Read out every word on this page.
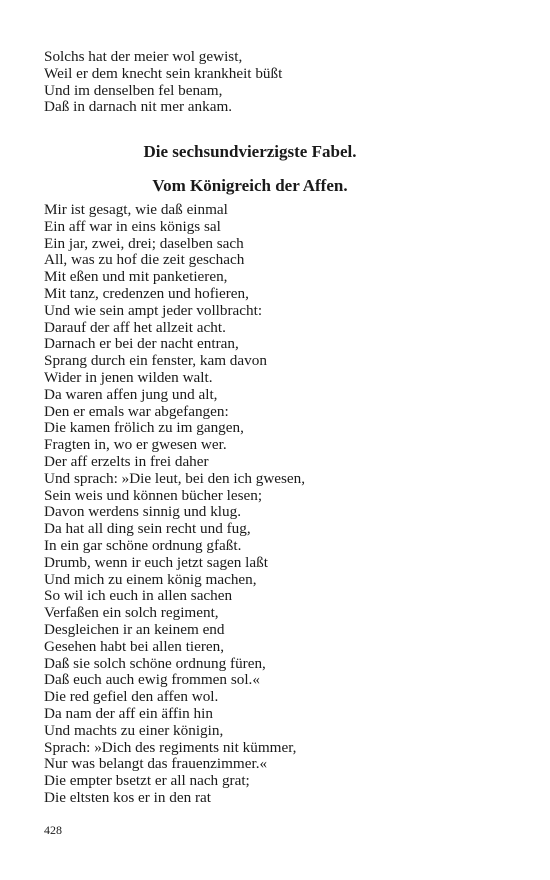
Solchs hat der meier wol gewist,
Weil er dem knecht sein krankheit büßt
Und im denselben fel benam,
Daß in darnach nit mer ankam.
Die sechsundvierzigste Fabel.
Vom Königreich der Affen.
Mir ist gesagt, wie daß einmal
Ein aff war in eins königs sal
Ein jar, zwei, drei; daselben sach
All, was zu hof die zeit geschach
Mit eßen und mit panketieren,
Mit tanz, credenzen und hofieren,
Und wie sein ampt jeder vollbracht:
Darauf der aff het allzeit acht.
Darnach er bei der nacht entran,
Sprang durch ein fenster, kam davon
Wider in jenen wilden walt.
Da waren affen jung und alt,
Den er emals war abgefangen:
Die kamen frölich zu im gangen,
Fragten in, wo er gwesen wer.
Der aff erzelts in frei daher
Und sprach: »Die leut, bei den ich gwesen,
Sein weis und können bücher lesen;
Davon werdens sinnig und klug.
Da hat all ding sein recht und fug,
In ein gar schöne ordnung gfaßt.
Drumb, wenn ir euch jetzt sagen laßt
Und mich zu einem könig machen,
So wil ich euch in allen sachen
Verfaßen ein solch regiment,
Desgleichen ir an keinem end
Gesehen habt bei allen tieren,
Daß sie solch schöne ordnung füren,
Daß euch auch ewig frommen sol.«
Die red gefiel den affen wol.
Da nam der aff ein äffin hin
Und machts zu einer königin,
Sprach: »Dich des regiments nit kümmer,
Nur was belangt das frauenzimmer.«
Die empter bsetzt er all nach grat;
Die eltsten kos er in den rat
428
